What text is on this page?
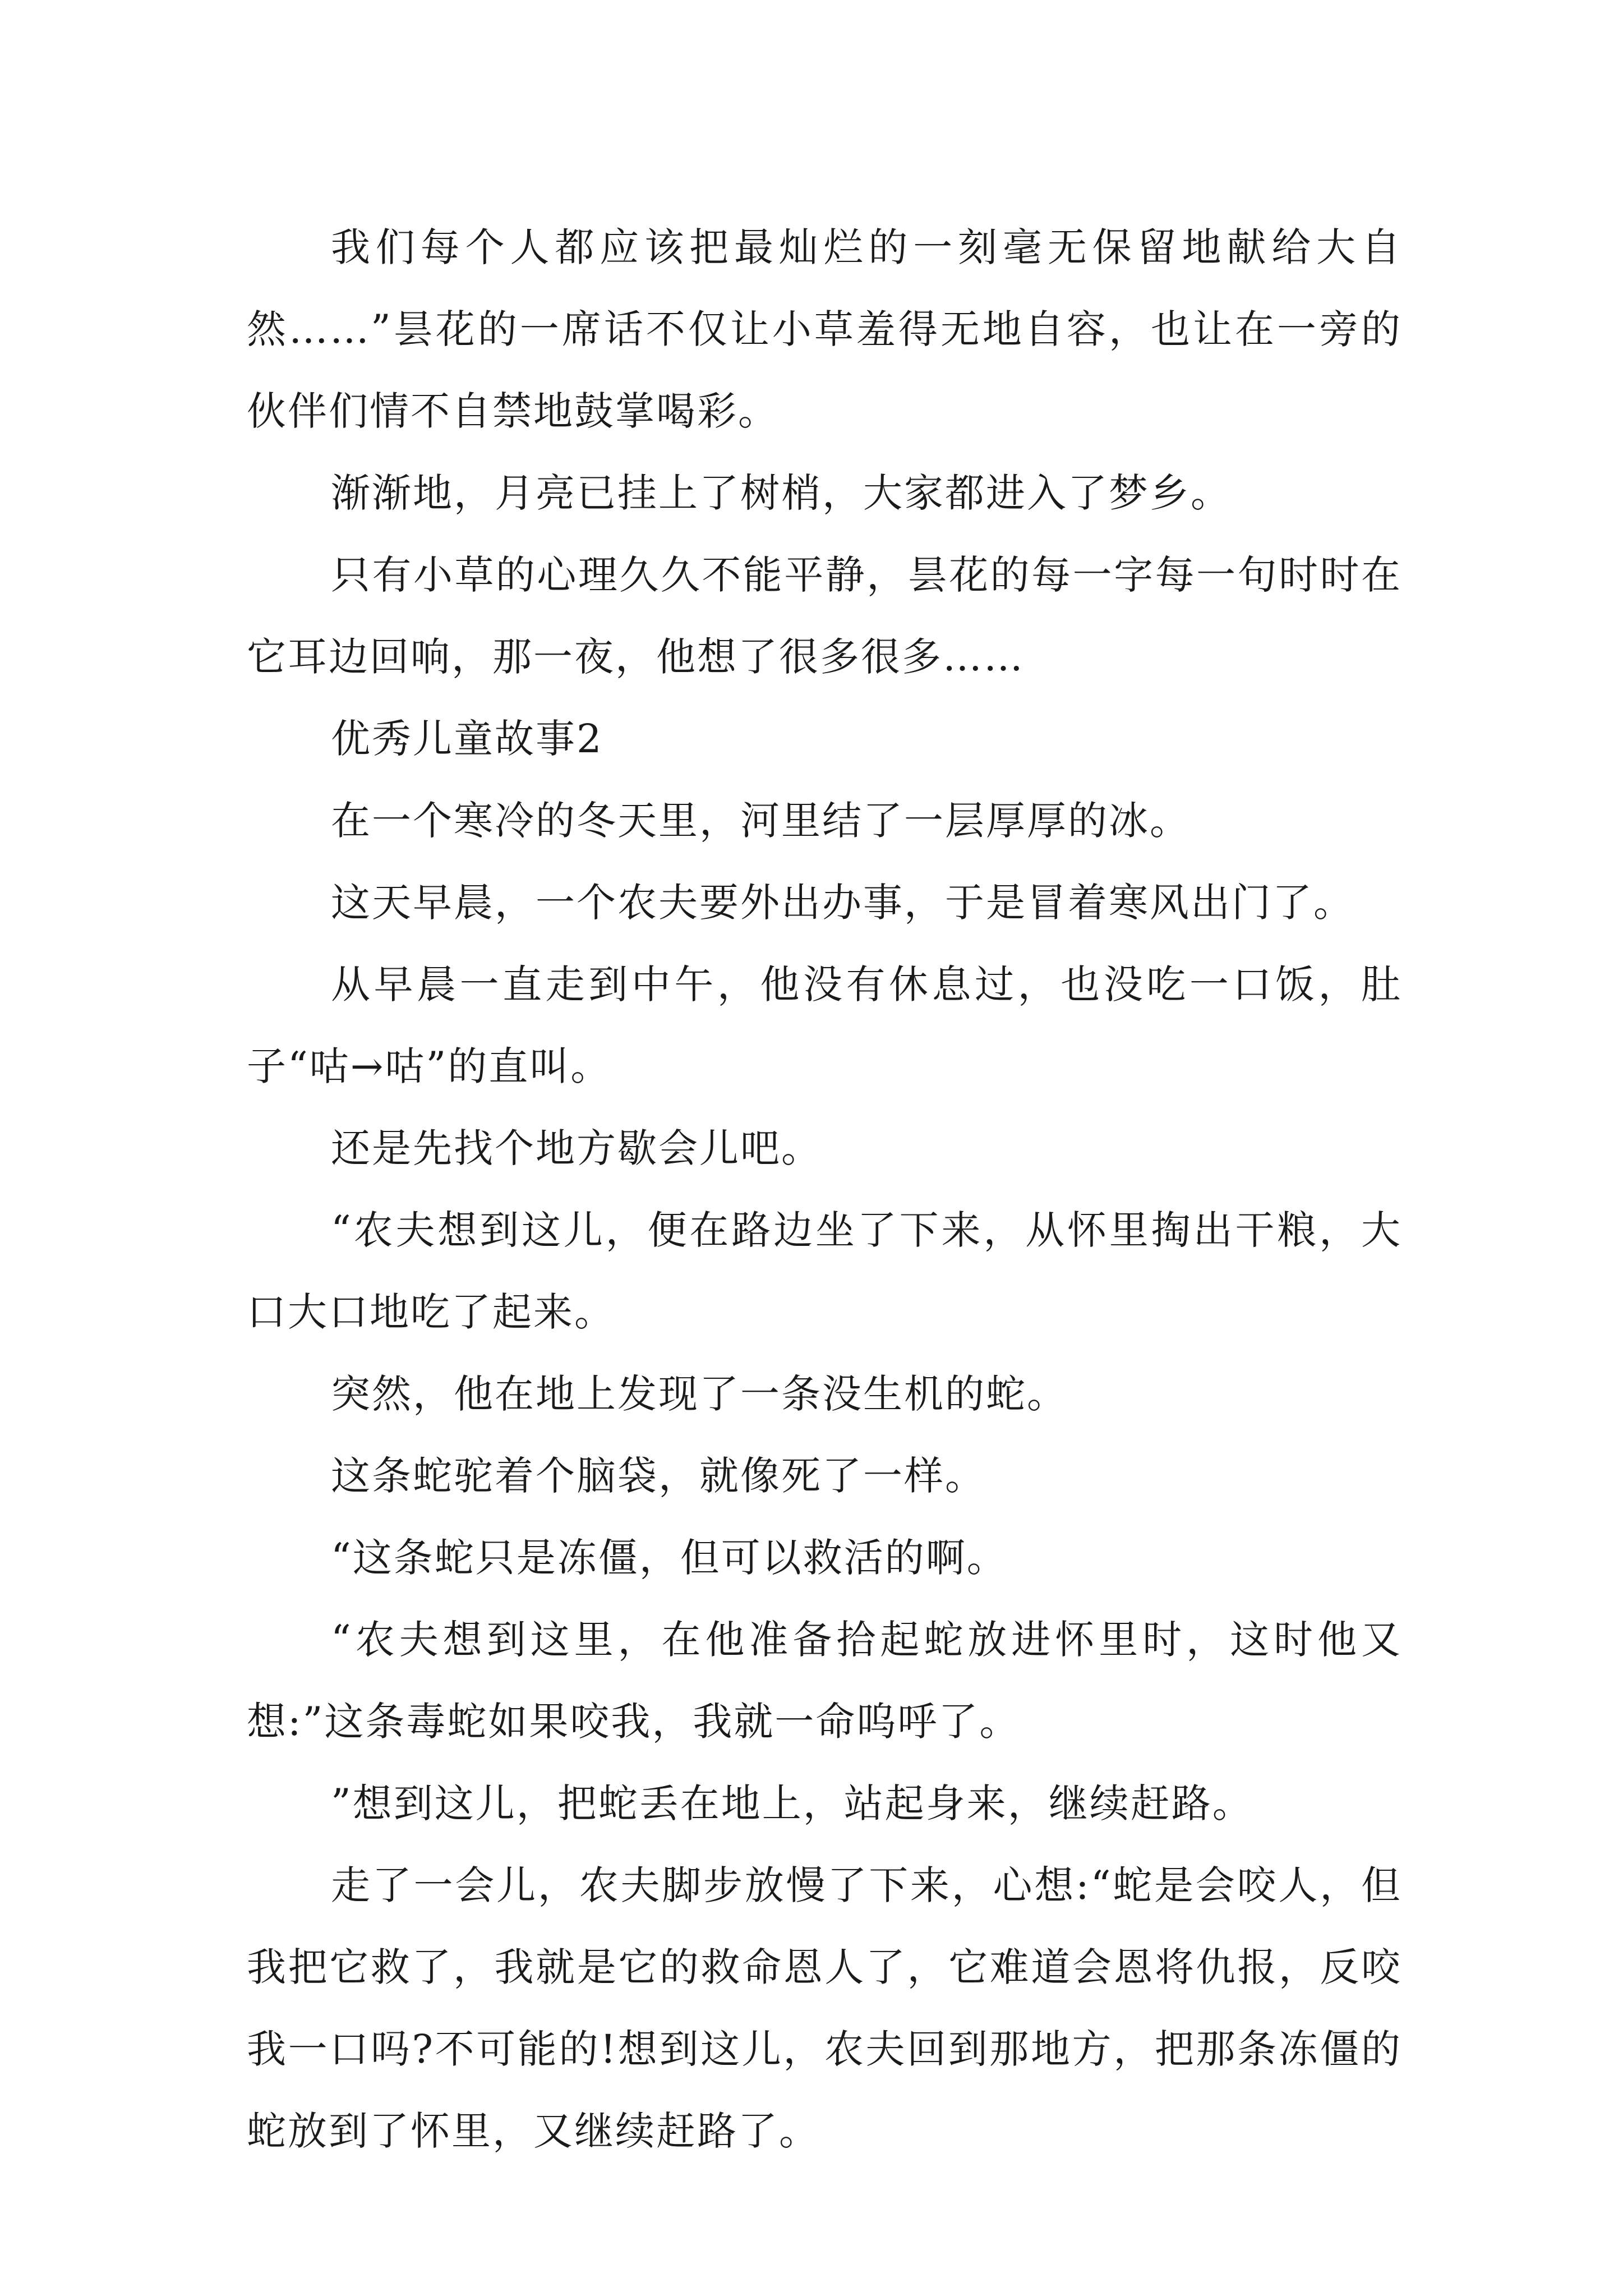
我们每个人都应该把最灿烂的一刻毫无保留地献给大自然……”昙花的一席话不仅让小草羞得无地自容，也让在一旁的伙伴们情不自禁地鼓掌喝彩。

渐渐地，月亮已挂上了树梢，大家都进入了梦乡。

只有小草的心理久久不能平静，昙花的每一字每一句时时在它耳边回响，那一夜，他想了很多很多……

优秀儿童故事2

在一个寒冷的冬天里，河里结了一层厚厚的冰。

这天早晨，一个农夫要外出办事，于是冒着寒风出门了。

从早晨一直走到中午，他没有休息过，也没吃一口饭，肚子“咕→咕”的直叫。

还是先找个地方歇会儿吧。

“农夫想到这儿，便在路边坐了下来，从怀里掏出干粮，大口大口地吃了起来。

突然，他在地上发现了一条没生机的蛇。

这条蛇驼着个脑袋，就像死了一样。

“这条蛇只是冻僵，但可以救活的啊。

“农夫想到这里，在他准备拾起蛇放进怀里时，这时他又想:”这条毒蛇如果咬我，我就一命呜呼了。

”想到这儿，把蛇丢在地上，站起身来，继续赶路。

走了一会儿，农夫脚步放慢了下来，心想:“蛇是会咬人，但我把它救了，我就是它的救命恩人了，它难道会恩将仇报，反咬我一口吗?不可能的!想到这儿，农夫回到那地方，把那条冻僵的蛇放到了怀里，又继续赶路了。
